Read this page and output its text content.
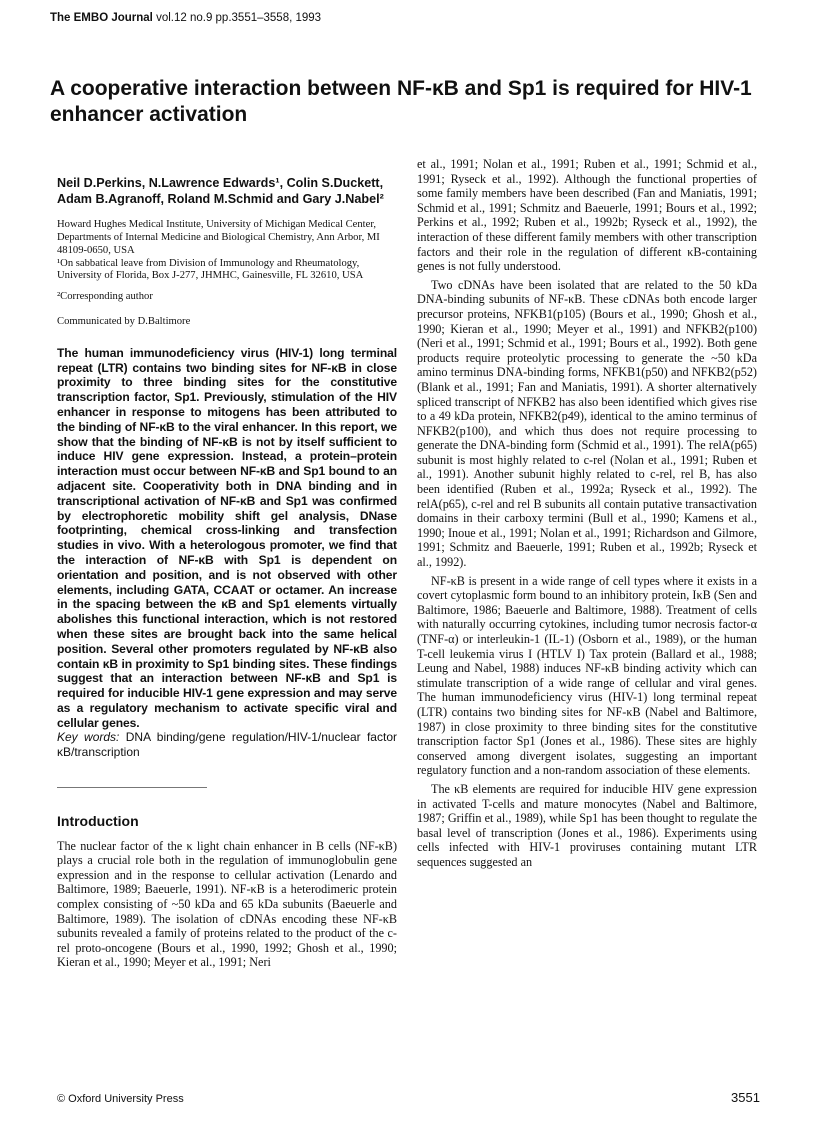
The EMBO Journal vol.12 no.9 pp.3551–3558, 1993
A cooperative interaction between NF-κB and Sp1 is required for HIV-1 enhancer activation

Neil D.Perkins, N.Lawrence Edwards¹, Colin S.Duckett, Adam B.Agranoff, Roland M.Schmid and Gary J.Nabel²

Howard Hughes Medical Institute, University of Michigan Medical Center, Departments of Internal Medicine and Biological Chemistry, Ann Arbor, MI 48109-0650, USA
¹On sabbatical leave from Division of Immunology and Rheumatology, University of Florida, Box J-277, JHMHC, Gainesville, FL 32610, USA

²Corresponding author

Communicated by D.Baltimore

The human immunodeficiency virus (HIV-1) long terminal repeat (LTR) contains two binding sites for NF-κB in close proximity to three binding sites for the constitutive transcription factor, Sp1. Previously, stimulation of the HIV enhancer in response to mitogens has been attributed to the binding of NF-κB to the viral enhancer. In this report, we show that the binding of NF-κB is not by itself sufficient to induce HIV gene expression. Instead, a protein–protein interaction must occur between NF-κB and Sp1 bound to an adjacent site. Cooperativity both in DNA binding and in transcriptional activation of NF-κB and Sp1 was confirmed by electrophoretic mobility shift gel analysis, DNase footprinting, chemical cross-linking and transfection studies in vivo. With a heterologous promoter, we find that the interaction of NF-κB with Sp1 is dependent on orientation and position, and is not observed with other elements, including GATA, CCAAT or octamer. An increase in the spacing between the κB and Sp1 elements virtually abolishes this functional interaction, which is not restored when these sites are brought back into the same helical position. Several other promoters regulated by NF-κB also contain κB in proximity to Sp1 binding sites. These findings suggest that an interaction between NF-κB and Sp1 is required for inducible HIV-1 gene expression and may serve as a regulatory mechanism to activate specific viral and cellular genes.

Key words: DNA binding/gene regulation/HIV-1/nuclear factor κB/transcription

Introduction

The nuclear factor of the κ light chain enhancer in B cells (NF-κB) plays a crucial role both in the regulation of immunoglobulin gene expression and in the response to cellular activation (Lenardo and Baltimore, 1989; Baeuerle, 1991). NF-κB is a heterodimeric protein complex consisting of ~50 kDa and 65 kDa subunits (Baeuerle and Baltimore, 1989). The isolation of cDNAs encoding these NF-κB subunits revealed a family of proteins related to the product of the c-rel proto-oncogene (Bours et al., 1990, 1992; Ghosh et al., 1990; Kieran et al., 1990; Meyer et al., 1991; Neri

et al., 1991; Nolan et al., 1991; Ruben et al., 1991; Schmid et al., 1991; Ryseck et al., 1992). Although the functional properties of some family members have been described (Fan and Maniatis, 1991; Schmid et al., 1991; Schmitz and Baeuerle, 1991; Bours et al., 1992; Perkins et al., 1992; Ruben et al., 1992b; Ryseck et al., 1992), the interaction of these different family members with other transcription factors and their role in the regulation of different κB-containing genes is not fully understood.

Two cDNAs have been isolated that are related to the 50 kDa DNA-binding subunits of NF-κB. These cDNAs both encode larger precursor proteins, NFKB1(p105) (Bours et al., 1990; Ghosh et al., 1990; Kieran et al., 1990; Meyer et al., 1991) and NFKB2(p100) (Neri et al., 1991; Schmid et al., 1991; Bours et al., 1992). Both gene products require proteolytic processing to generate the ~50 kDa amino terminus DNA-binding forms, NFKB1(p50) and NFKB2(p52) (Blank et al., 1991; Fan and Maniatis, 1991). A shorter alternatively spliced transcript of NFKB2 has also been identified which gives rise to a 49 kDa protein, NFKB2(p49), identical to the amino terminus of NFKB2(p100), and which thus does not require processing to generate the DNA-binding form (Schmid et al., 1991). The relA(p65) subunit is most highly related to c-rel (Nolan et al., 1991; Ruben et al., 1991). Another subunit highly related to c-rel, rel B, has also been identified (Ruben et al., 1992a; Ryseck et al., 1992). The relA(p65), c-rel and rel B subunits all contain putative transactivation domains in their carboxy termini (Bull et al., 1990; Kamens et al., 1990; Inoue et al., 1991; Nolan et al., 1991; Richardson and Gilmore, 1991; Schmitz and Baeuerle, 1991; Ruben et al., 1992b; Ryseck et al., 1992).

NF-κB is present in a wide range of cell types where it exists in a covert cytoplasmic form bound to an inhibitory protein, IκB (Sen and Baltimore, 1986; Baeuerle and Baltimore, 1988). Treatment of cells with naturally occurring cytokines, including tumor necrosis factor-α (TNF-α) or interleukin-1 (IL-1) (Osborn et al., 1989), or the human T-cell leukemia virus I (HTLV I) Tax protein (Ballard et al., 1988; Leung and Nabel, 1988) induces NF-κB binding activity which can stimulate transcription of a wide range of cellular and viral genes. The human immunodeficiency virus (HIV-1) long terminal repeat (LTR) contains two binding sites for NF-κB (Nabel and Baltimore, 1987) in close proximity to three binding sites for the constitutive transcription factor Sp1 (Jones et al., 1986). These sites are highly conserved among divergent isolates, suggesting an important regulatory function and a non-random association of these elements.

The κB elements are required for inducible HIV gene expression in activated T-cells and mature monocytes (Nabel and Baltimore, 1987; Griffin et al., 1989), while Sp1 has been thought to regulate the basal level of transcription (Jones et al., 1986). Experiments using cells infected with HIV-1 proviruses containing mutant LTR sequences suggested an

© Oxford University Press	3551
